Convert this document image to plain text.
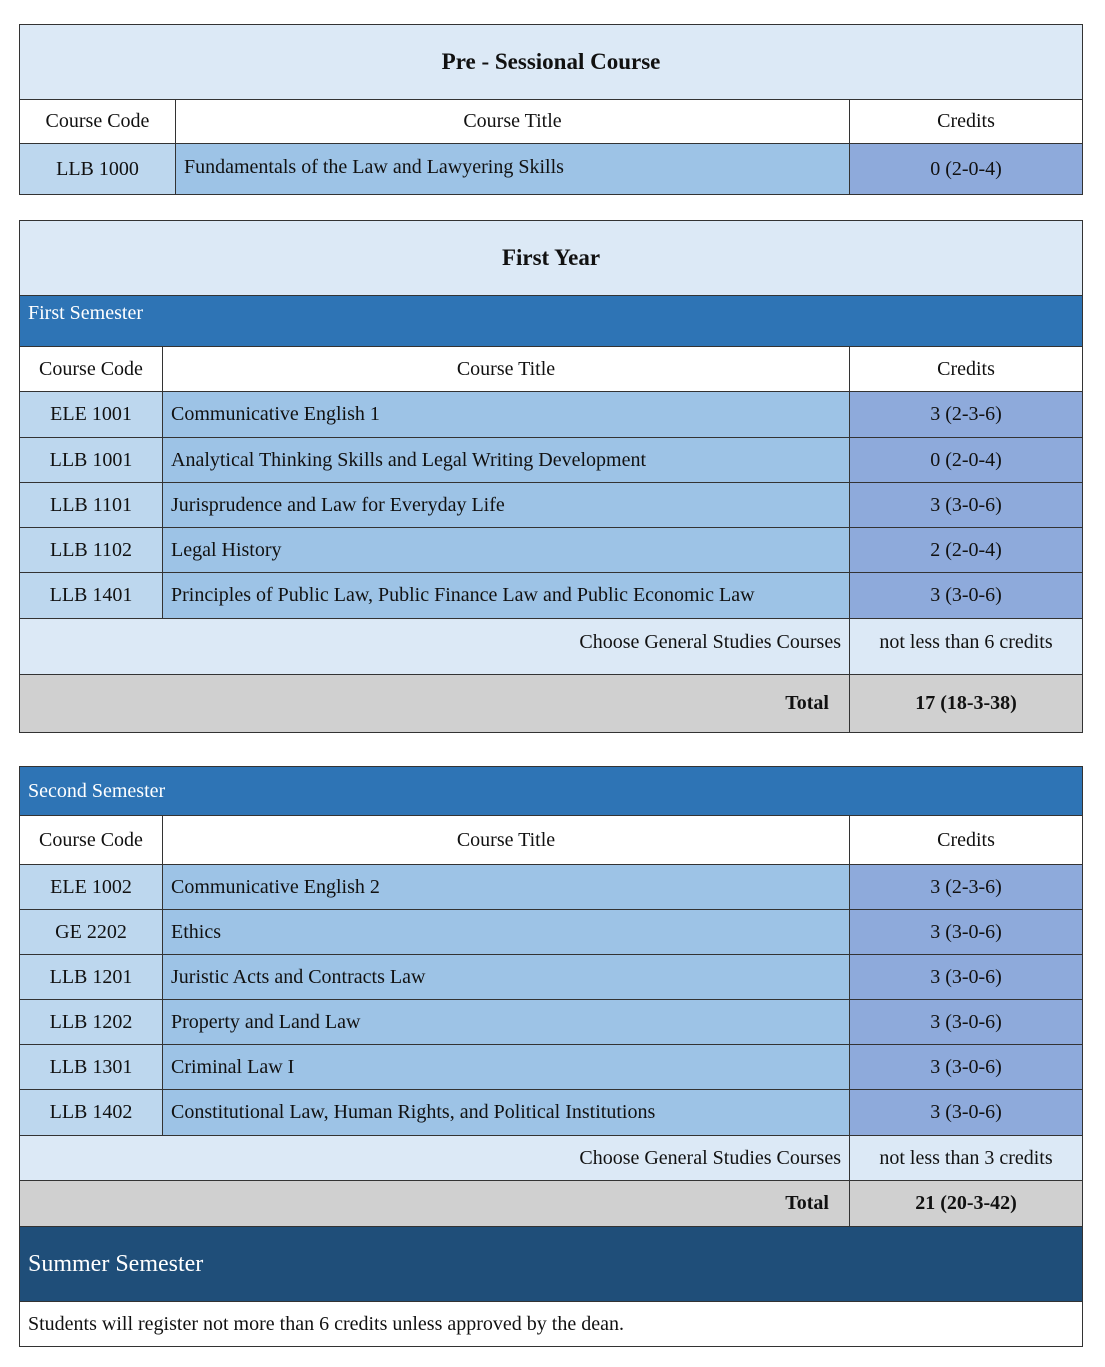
Pre - Sessional Course		
Course Code	Course Title	Credits
LLB 1000	Fundamentals of the Law and Lawyering Skills	0 (2-0-4)
First Year		
First Semester		
Course Code	Course Title	Credits
ELE 1001	Communicative English 1	3 (2-3-6)
LLB 1001	Analytical Thinking Skills and Legal Writing Development	0 (2-0-4)
LLB 1101	Jurisprudence and Law for Everyday Life	3 (3-0-6)
LLB 1102	Legal History	2 (2-0-4)
LLB 1401	Principles of Public Law, Public Finance Law and Public Economic Law	3 (3-0-6)
Choose General Studies Courses		not less than 6 credits
Total		17 (18-3-38)
Second Semester		
Course Code	Course Title	Credits
ELE 1002	Communicative English 2	3 (2-3-6)
GE 2202	Ethics	3 (3-0-6)
LLB 1201	Juristic Acts and Contracts Law	3 (3-0-6)
LLB 1202	Property and Land Law	3 (3-0-6)
LLB 1301	Criminal Law I	3 (3-0-6)
LLB 1402	Constitutional Law, Human Rights, and Political Institutions	3 (3-0-6)
Choose General Studies Courses		not less than 3 credits
Total		21 (20-3-42)
Summer Semester		
Students will register not more than 6 credits unless approved by the dean.		
